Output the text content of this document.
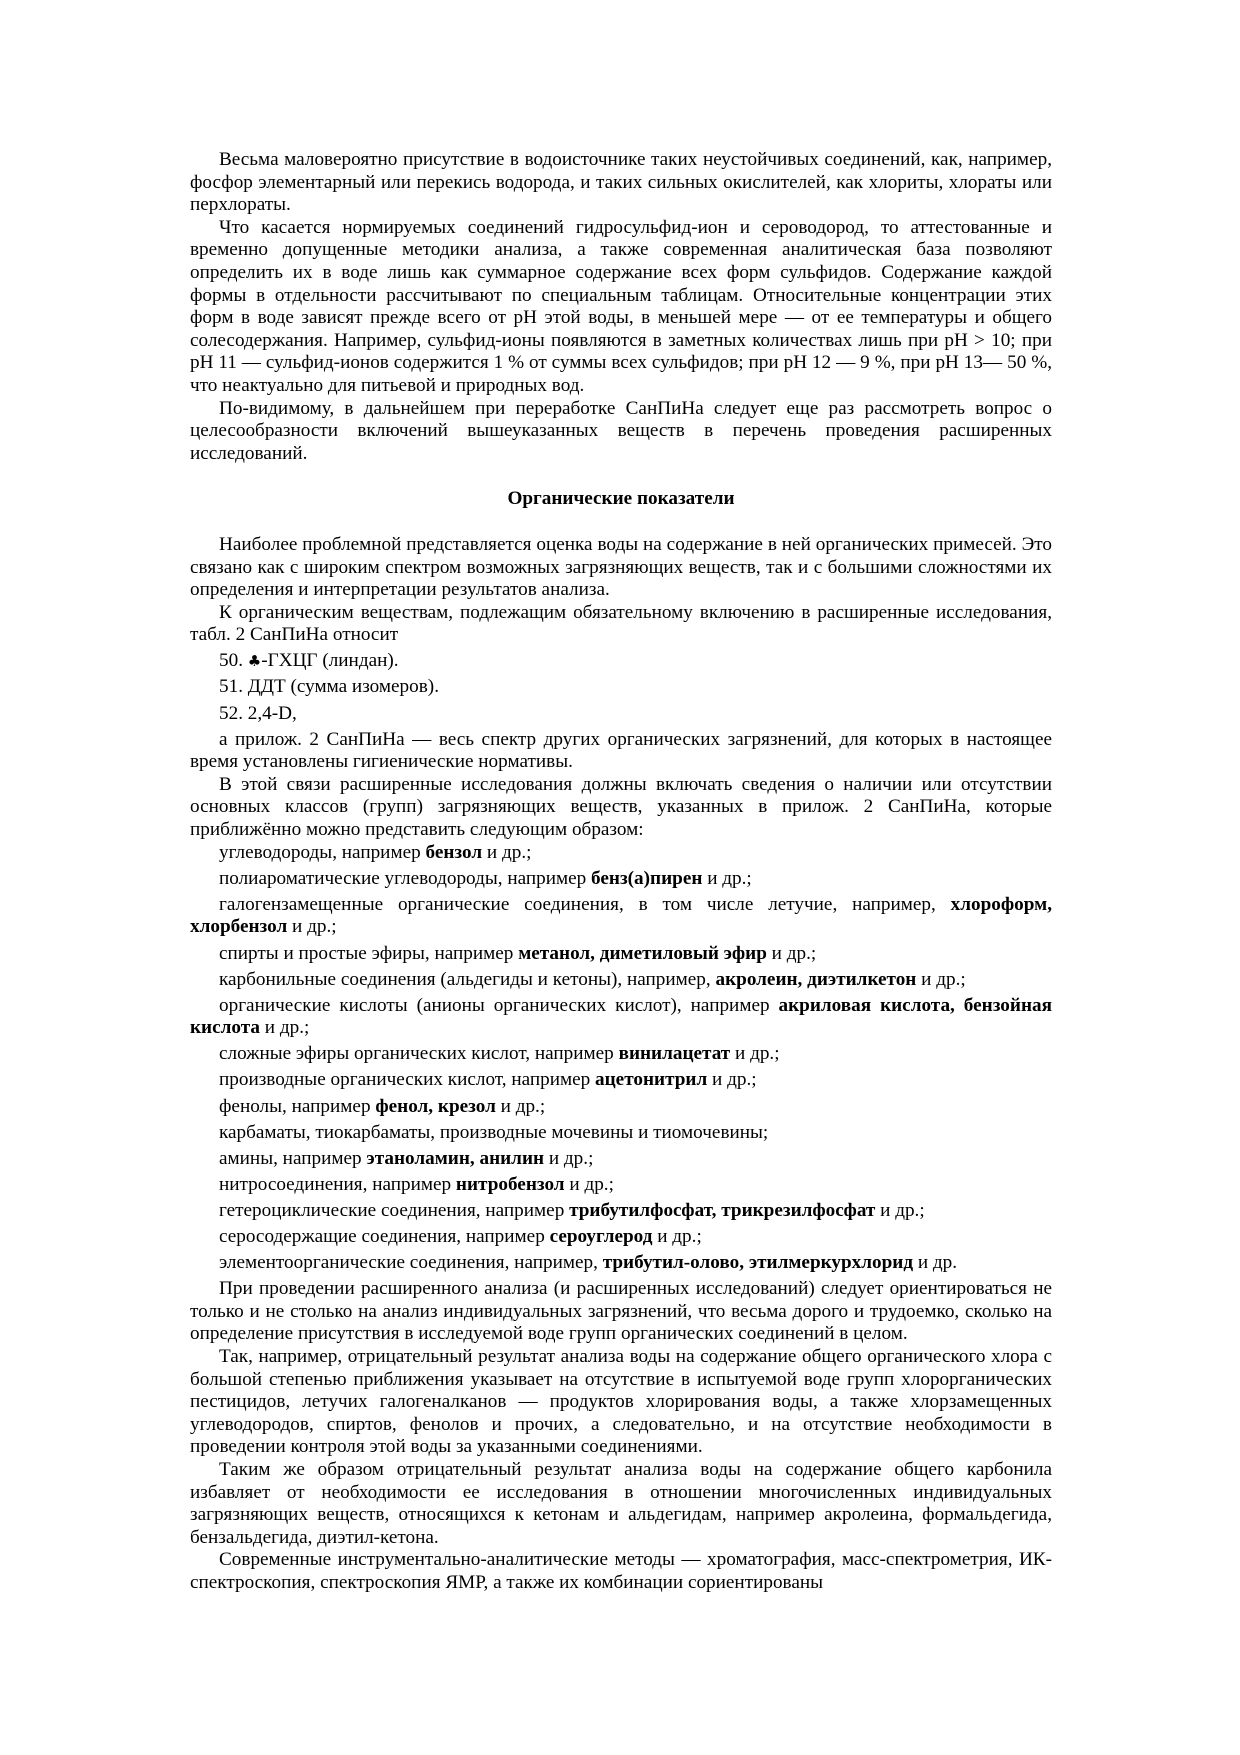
Весьма маловероятно присутствие в водоисточнике таких неустойчивых соединений, как, например, фосфор элементарный или перекись водорода, и таких сильных окислителей, как хлориты, хлораты или перхлораты.

Что касается нормируемых соединений гидросульфид-ион и сероводород, то аттестованные и временно допущенные методики анализа, а также современная аналитическая база позволяют определить их в воде лишь как суммарное содержание всех форм сульфидов. Содержание каждой формы в отдельности рассчитывают по специальным таблицам. Относительные концентрации этих форм в воде зависят прежде всего от pH этой воды, в меньшей мере — от ее температуры и общего солесодержания. Например, сульфид-ионы появляются в заметных количествах лишь при pH > 10; при pH 11 — сульфид-ионов содержится 1 % от суммы всех сульфидов; при pH 12 — 9 %, при pH 13— 50 %, что неактуально для питьевой и природных вод.

По-видимому, в дальнейшем при переработке СанПиНа следует еще раз рассмотреть вопрос о целесообразности включений вышеуказанных веществ в перечень проведения расширенных исследований.

Органические показатели

Наиболее проблемной представляется оценка воды на содержание в ней органических примесей. Это связано как с широким спектром возможных загрязняющих веществ, так и с большими сложностями их определения и интерпретации результатов анализа.

К органическим веществам, подлежащим обязательному включению в расширенные исследования, табл. 2 СанПиНа относит

50. ♣-ГХЦГ (линдан).

51. ДДТ (сумма изомеров).

52. 2,4-D,

а прилож. 2 СанПиНа — весь спектр других органических загрязнений, для которых в настоящее время установлены гигиенические нормативы.

В этой связи расширенные исследования должны включать сведения о наличии или отсутствии основных классов (групп) загрязняющих веществ, указанных в прилож. 2 СанПиНа, которые приближённо можно представить следующим образом:

углеводороды, например бензол и др.;

полиароматические углеводороды, например бенз(а)пирен и др.;

галогензамещенные органические соединения, в том числе летучие, например, хлороформ, хлорбензол и др.;

спирты и простые эфиры, например метанол, диметиловый эфир и др.;

карбонильные соединения (альдегиды и кетоны), например, акролеин, диэтилкетон и др.;

органические кислоты (анионы органических кислот), например акриловая кислота, бензойная кислота и др.;

сложные эфиры органических кислот, например винилацетат и др.;

производные органических кислот, например ацетонитрил и др.;

фенолы, например фенол, крезол и др.;

карбаматы, тиокарбаматы, производные мочевины и тиомочевины;

амины, например этаноламин, анилин и др.;

нитросоединения, например нитробензол и др.;

гетероциклические соединения, например трибутилфосфат, трикрезилфосфат и др.;

серосодержащие соединения, например сероуглерод и др.;

элементоорганические соединения, например, трибутил-олово, этилмеркурхлорид и др.

При проведении расширенного анализа (и расширенных исследований) следует ориентироваться не только и не столько на анализ индивидуальных загрязнений, что весьма дорого и трудоемко, сколько на определение присутствия в исследуемой воде групп органических соединений в целом.

Так, например, отрицательный результат анализа воды на содержание общего органического хлора с большой степенью приближения указывает на отсутствие в испытуемой воде групп хлорорганических пестицидов, летучих галогеналканов — продуктов хлорирования воды, а также хлорзамещенных углеводородов, спиртов, фенолов и прочих, а следовательно, и на отсутствие необходимости в проведении контроля этой воды за указанными соединениями.

Таким же образом отрицательный результат анализа воды на содержание общего карбонила избавляет от необходимости ее исследования в отношении многочисленных индивидуальных загрязняющих веществ, относящихся к кетонам и альдегидам, например акролеина, формальдегида, бензальдегида, диэтил-кетона.

Современные инструментально-аналитические методы — хроматография, масс-спектрометрия, ИК-спектроскопия, спектроскопия ЯМР, а также их комбинации сориентированы
